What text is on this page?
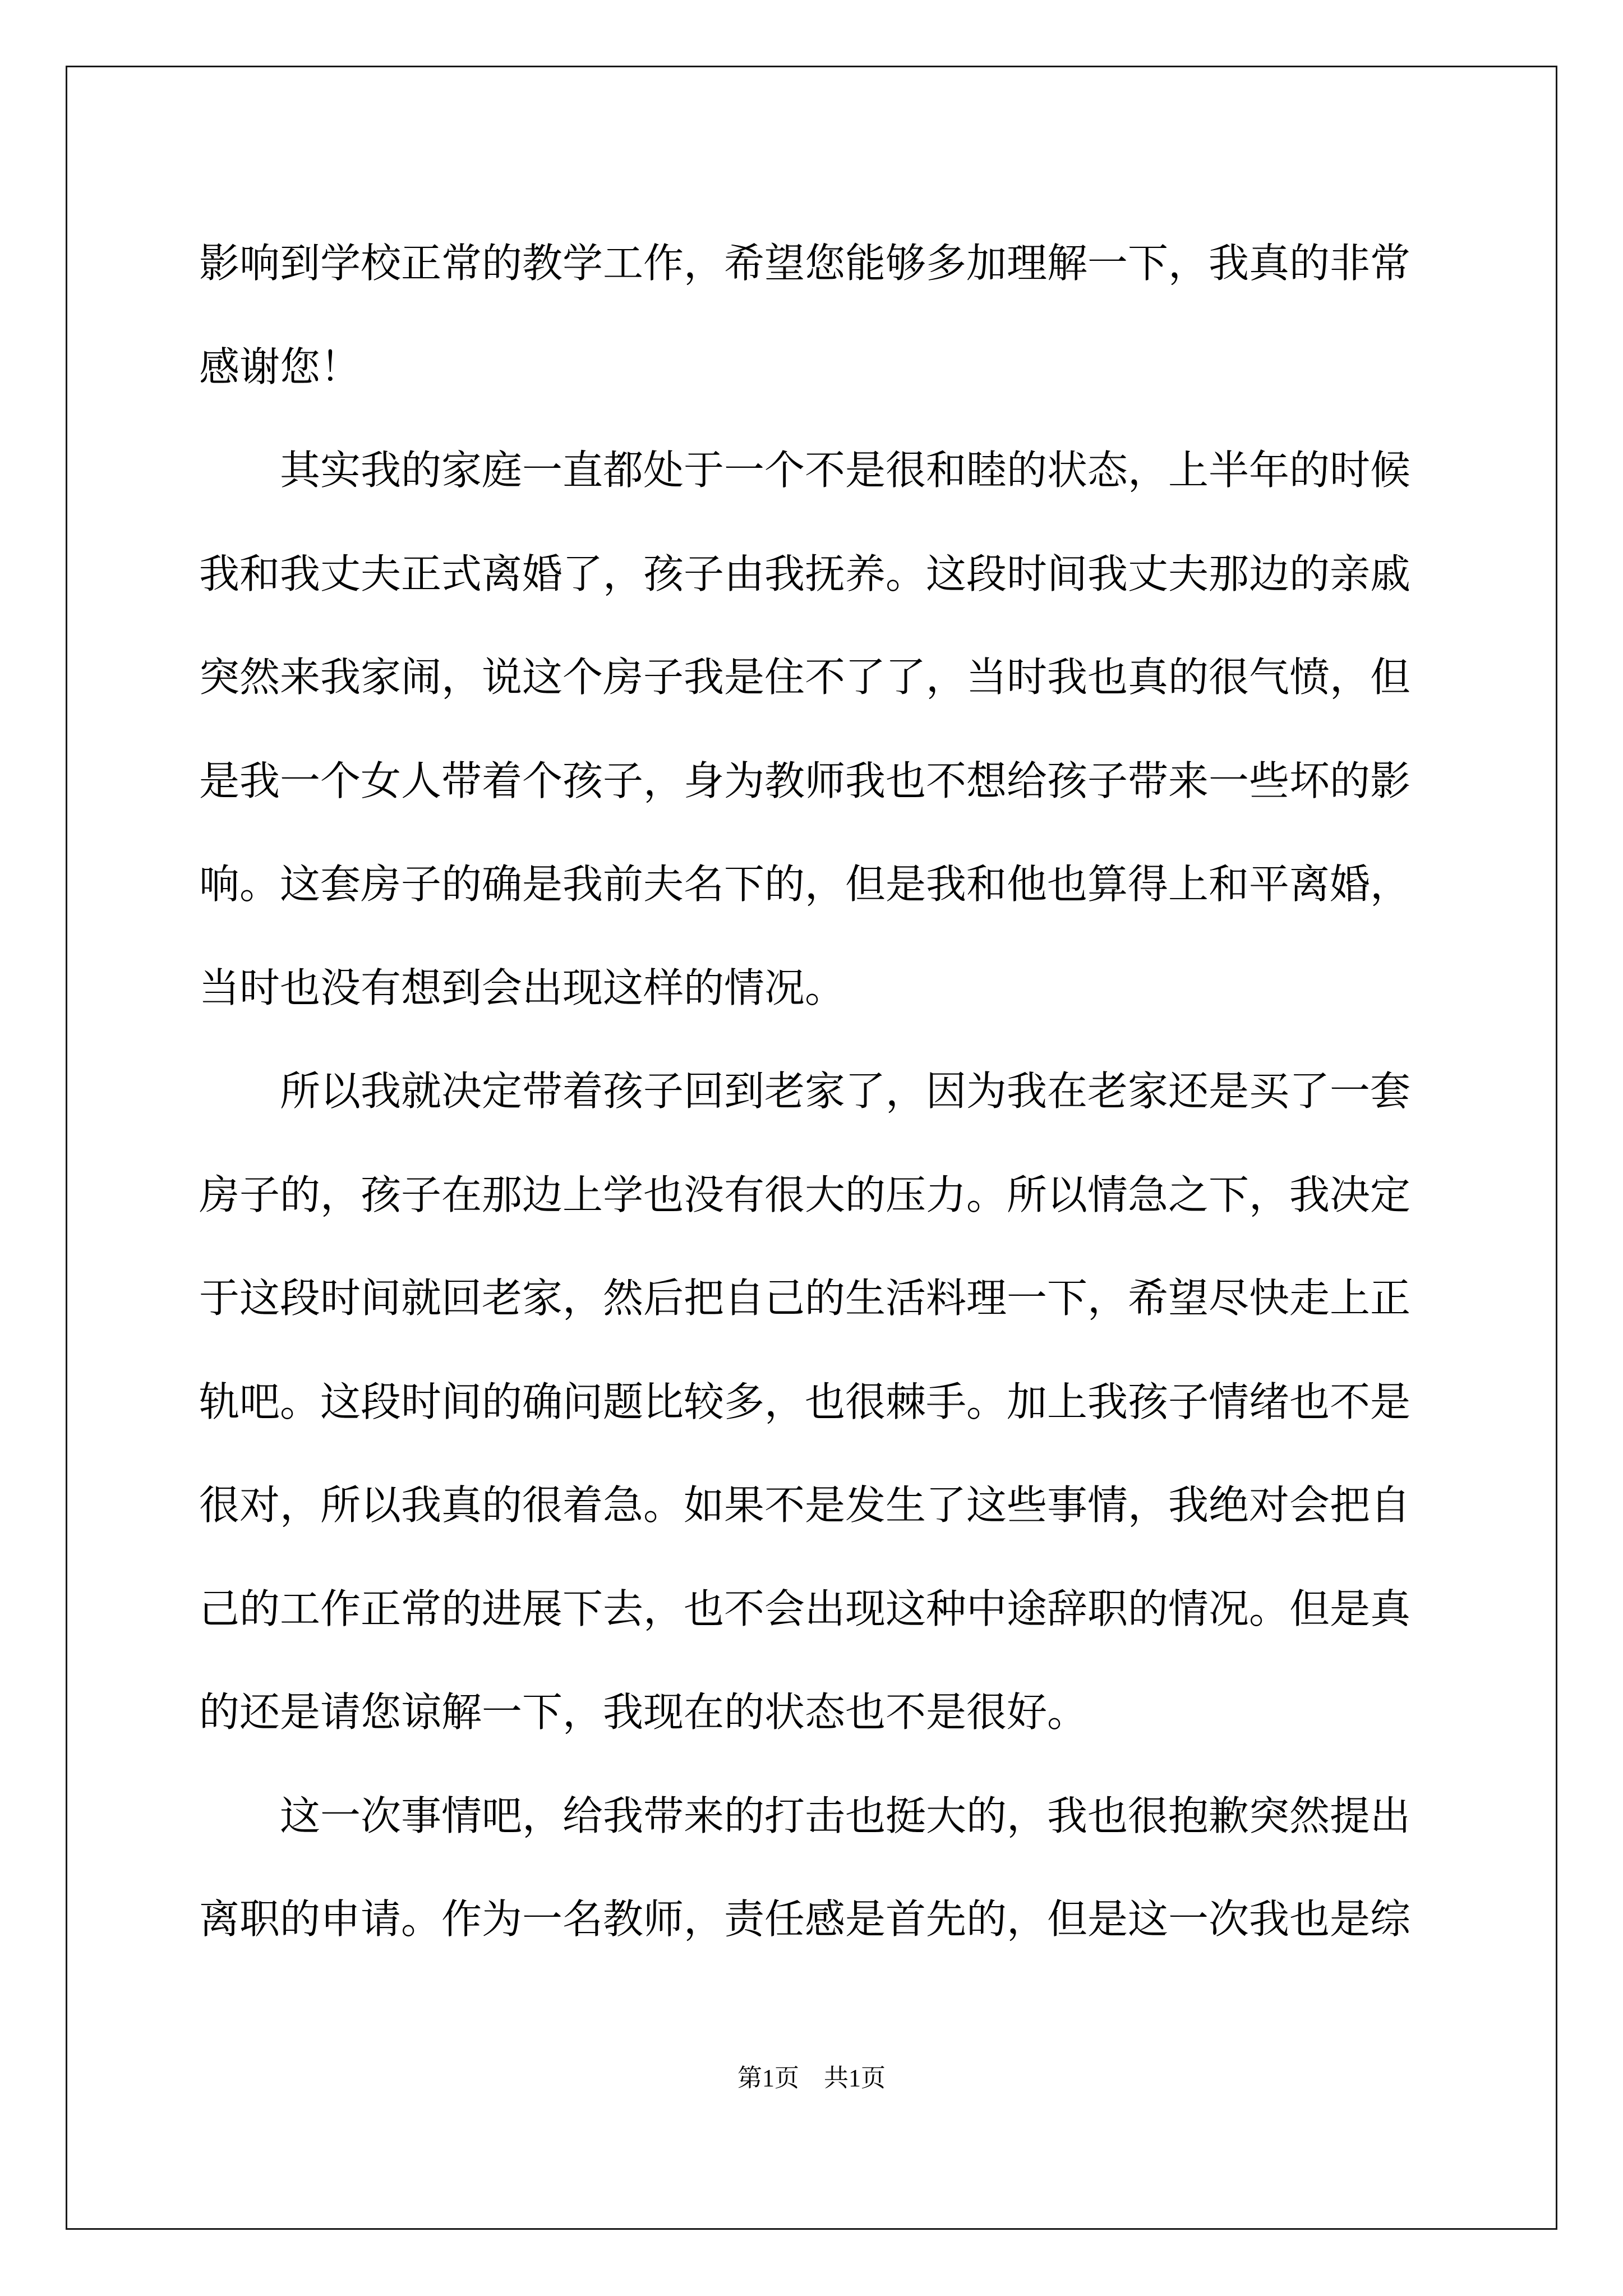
影响到学校正常的教学工作，希望您能够多加理解一下，我真的非常
感谢您！
　　其实我的家庭一直都处于一个不是很和睦的状态，上半年的时候
我和我丈夫正式离婚了，孩子由我抚养。这段时间我丈夫那边的亲戚
突然来我家闹，说这个房子我是住不了了，当时我也真的很气愤，但
是我一个女人带着个孩子，身为教师我也不想给孩子带来一些坏的影
响。这套房子的确是我前夫名下的，但是我和他也算得上和平离婚，
当时也没有想到会出现这样的情况。
　　所以我就决定带着孩子回到老家了，因为我在老家还是买了一套
房子的，孩子在那边上学也没有很大的压力。所以情急之下，我决定
于这段时间就回老家，然后把自己的生活料理一下，希望尽快走上正
轨吧。这段时间的确问题比较多，也很棘手。加上我孩子情绪也不是
很对，所以我真的很着急。如果不是发生了这些事情，我绝对会把自
己的工作正常的进展下去，也不会出现这种中途辞职的情况。但是真
的还是请您谅解一下，我现在的状态也不是很好。
　　这一次事情吧，给我带来的打击也挺大的，我也很抱歉突然提出
离职的申请。作为一名教师，责任感是首先的，但是这一次我也是综
第1页　共1页
